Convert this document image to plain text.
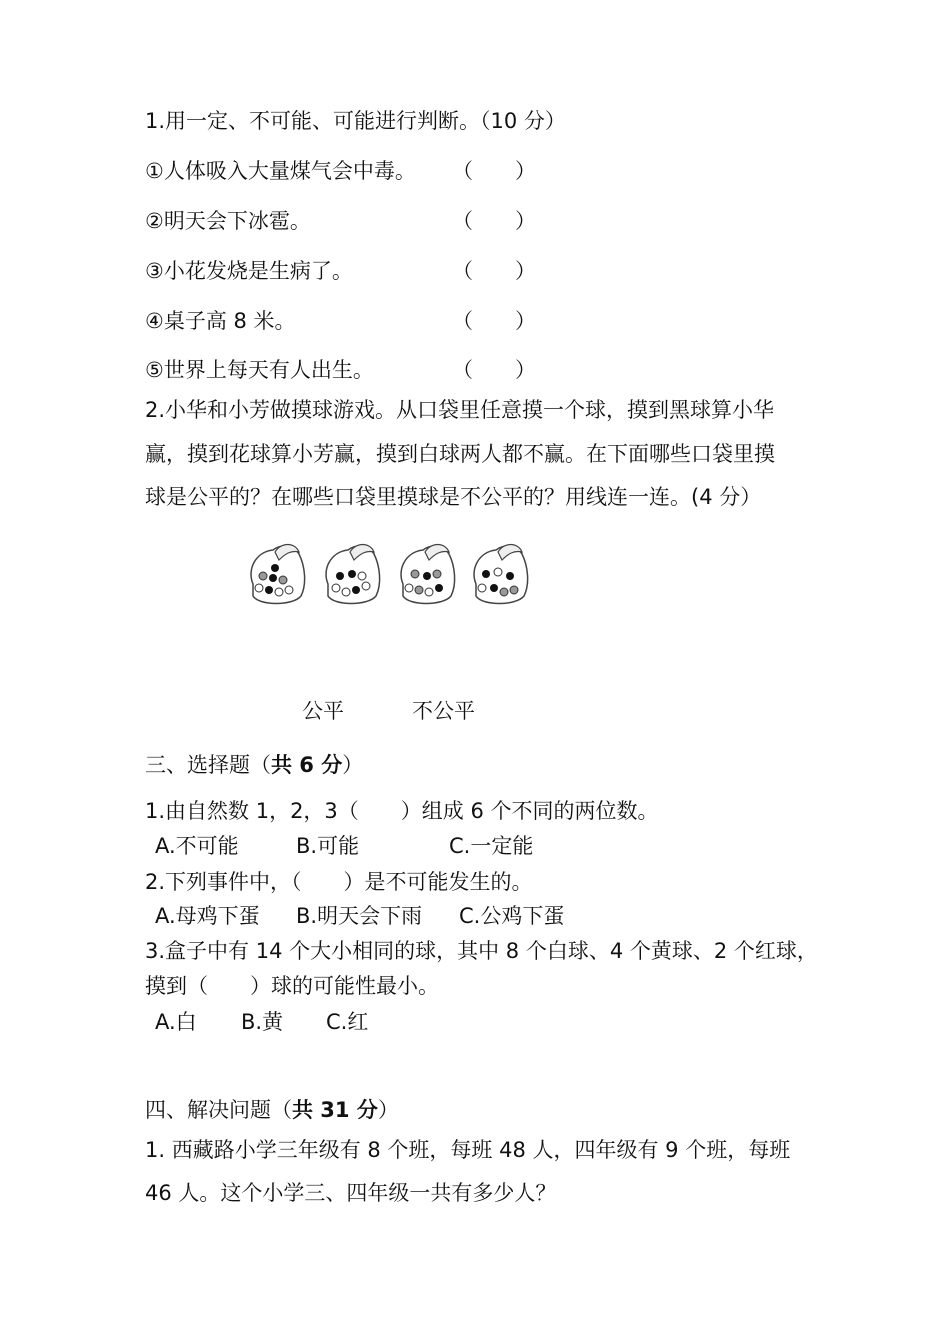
1.用一定、不可能、可能进行判断。（10 分）
①人体吸入大量煤气会中毒。 （　　）
②明天会下冰雹。	（　　）
③小花发烧是生病了。	（　　）
④桌子高 8 米。	（　　）
⑤世界上每天有人出生。	（　　）
2.小华和小芳做摸球游戏。从口袋里任意摸一个球，摸到黑球算小华
赢，摸到花球算小芳赢，摸到白球两人都不赢。在下面哪些口袋里摸
球是公平的？在哪些口袋里摸球是不公平的？用线连一连。(4 分）
公平	不公平
三、选择题（共 6 分）
1.由自然数 1，2，3（　　）组成 6 个不同的两位数。
A.不可能	B.可能	C.一定能
2.下列事件中，（　　）是不可能发生的。
A.母鸡下蛋 B.明天会下雨 C.公鸡下蛋
3.盒子中有 14 个大小相同的球，其中 8 个白球、4 个黄球、2 个红球，
摸到（　　）球的可能性最小。
A.白 B.黄 C.红
四、解决问题（共 31 分）
1. 西藏路小学三年级有 8 个班，每班 48 人，四年级有 9 个班，每班
46 人。这个小学三、四年级一共有多少人？
